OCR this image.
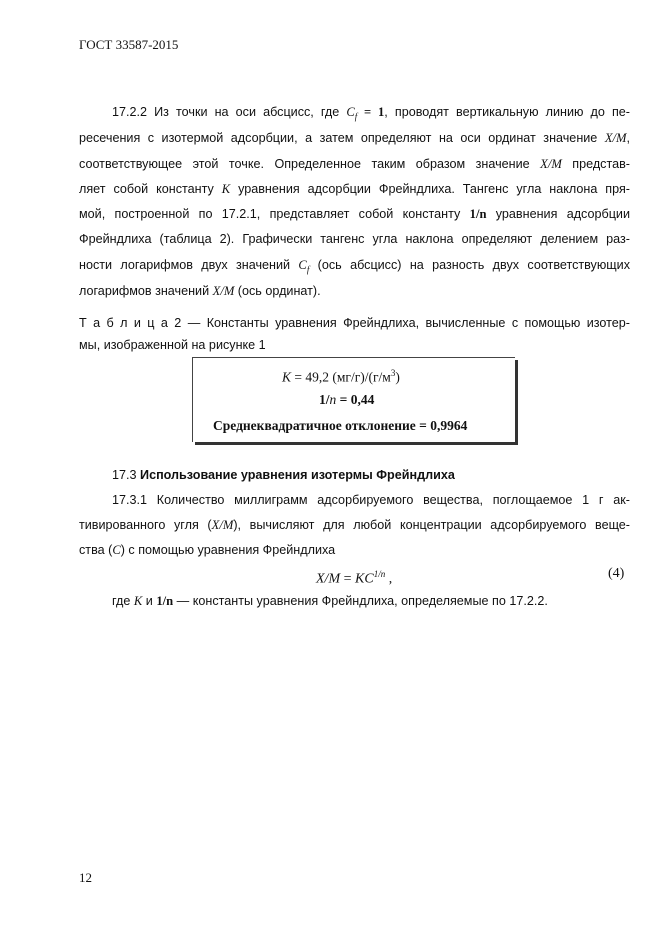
ГОСТ 33587-2015
17.2.2 Из точки на оси абсцисс, где $C_f = 1$, проводят вертикальную линию до пе-
ресечения с изотермой адсорбции, а затем определяют на оси ординат значение X/M,
соответствующее этой точке. Определенное таким образом значение X/M представ-
ляет собой константу K уравнения адсорбции Фрейндлиха. Тангенс угла наклона пря-
мой, построенной по 17.2.1, представляет собой константу 1/n уравнения адсорбции
Фрейндлиха (таблица 2). Графически тангенс угла наклона определяют делением раз-
ности логарифмов двух значений $C_f$ (ось абсцисс) на разность двух соответствующих
логарифмов значений X/M (ось ординат).
Т а б л и ц а 2 — Константы уравнения Фрейндлиха, вычисленные с помощью изотер-
мы, изображенной на рисунке 1
K = 49,2 $(мг/г)/(г/м^3)$
1/n = 0,44
Среднеквадратичное отклонение = 0,9964
17.3 Использование уравнения изотермы Фрейндлиха
17.3.1 Количество миллиграмм адсорбируемого вещества, поглощаемое 1 г ак-
тивированного угля (X/M), вычисляют для любой концентрации адсорбируемого веще-
ства (C) с помощью уравнения Фрейндлиха
$X/M = KC^{1/n}$ ,	(4)
где K и 1/n — константы уравнения Фрейндлиха, определяемые по 17.2.2.
12
